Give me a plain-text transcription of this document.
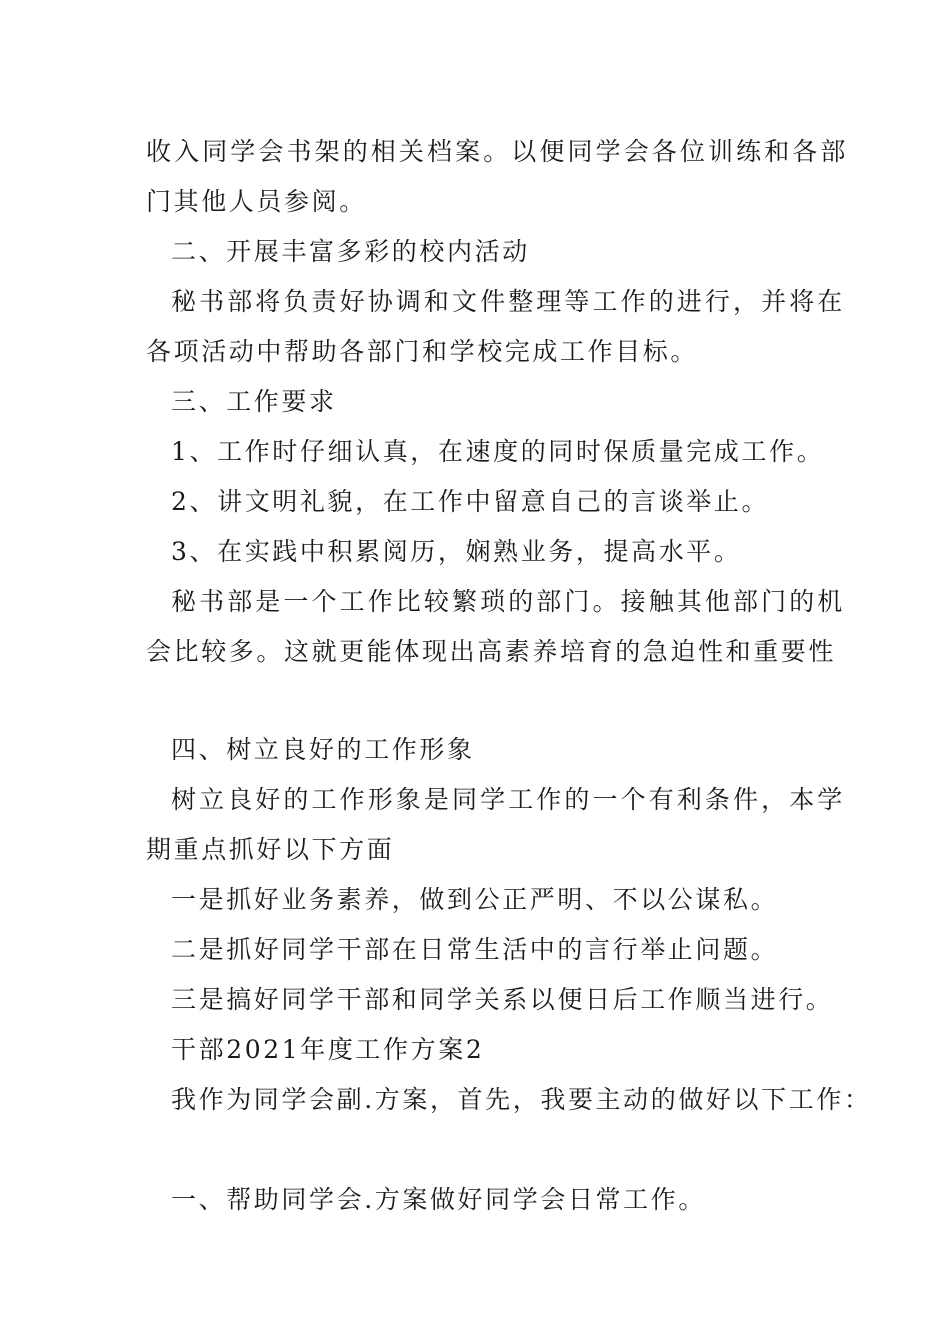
收入同学会书架的相关档案。以便同学会各位训练和各部
门其他人员参阅。
二、开展丰富多彩的校内活动
秘书部将负责好协调和文件整理等工作的进行，并将在
各项活动中帮助各部门和学校完成工作目标。
三、工作要求
1、工作时仔细认真，在速度的同时保质量完成工作。
2、讲文明礼貌，在工作中留意自己的言谈举止。
3、在实践中积累阅历，娴熟业务，提高水平。
秘书部是一个工作比较繁琐的部门。接触其他部门的机
会比较多。这就更能体现出高素养培育的急迫性和重要性
四、树立良好的工作形象
树立良好的工作形象是同学工作的一个有利条件，本学
期重点抓好以下方面
一是抓好业务素养，做到公正严明、不以公谋私。
二是抓好同学干部在日常生活中的言行举止问题。
三是搞好同学干部和同学关系以便日后工作顺当进行。
干部2021年度工作方案2
我作为同学会副.方案，首先，我要主动的做好以下工作：
一、帮助同学会.方案做好同学会日常工作。
